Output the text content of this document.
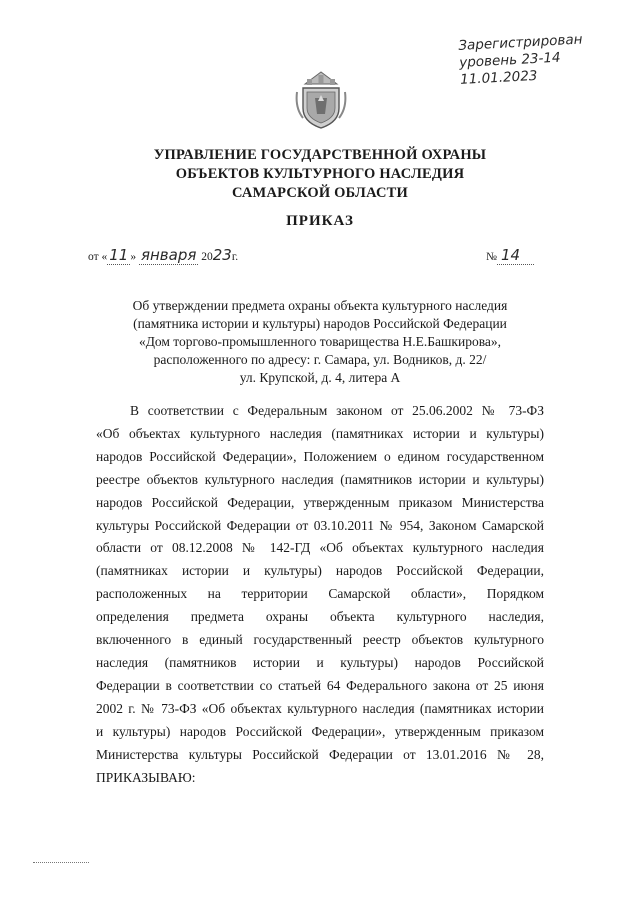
Зарегистрирован
уровень 23-14
11.01.2023
УПРАВЛЕНИЕ ГОСУДАРСТВЕННОЙ ОХРАНЫ
ОБЪЕКТОВ КУЛЬТУРНОГО НАСЛЕДИЯ
САМАРСКОЙ ОБЛАСТИ
ПРИКАЗ
от « 11 » января 2023г.	№ 14
Об утверждении предмета охраны объекта культурного наследия
(памятника истории и культуры) народов Российской Федерации
«Дом торгово-промышленного товарищества Н.Е.Башкирова»,
расположенного по адресу: г. Самара, ул. Водников, д. 22/
ул. Крупской, д. 4, литера А
В соответствии с Федеральным законом от 25.06.2002 № 73-ФЗ
«Об объектах культурного наследия (памятниках истории и культуры)
народов Российской Федерации», Положением о едином государственном
реестре объектов культурного наследия (памятников истории и культуры)
народов Российской Федерации, утвержденным приказом Министерства
культуры Российской Федерации от 03.10.2011 № 954, Законом Самарской
области от 08.12.2008 № 142-ГД «Об объектах культурного наследия
(памятниках истории и культуры) народов Российской Федерации,
расположенных на территории Самарской области», Порядком
определения предмета охраны объекта культурного наследия,
включенного в единый государственный реестр объектов культурного
наследия (памятников истории и культуры) народов Российской
Федерации в соответствии со статьей 64 Федерального закона от 25 июня
2002 г. № 73-ФЗ «Об объектах культурного наследия (памятниках истории
и культуры) народов Российской Федерации», утвержденным приказом
Министерства культуры Российской Федерации от 13.01.2016 № 28,
ПРИКАЗЫВАЮ:
